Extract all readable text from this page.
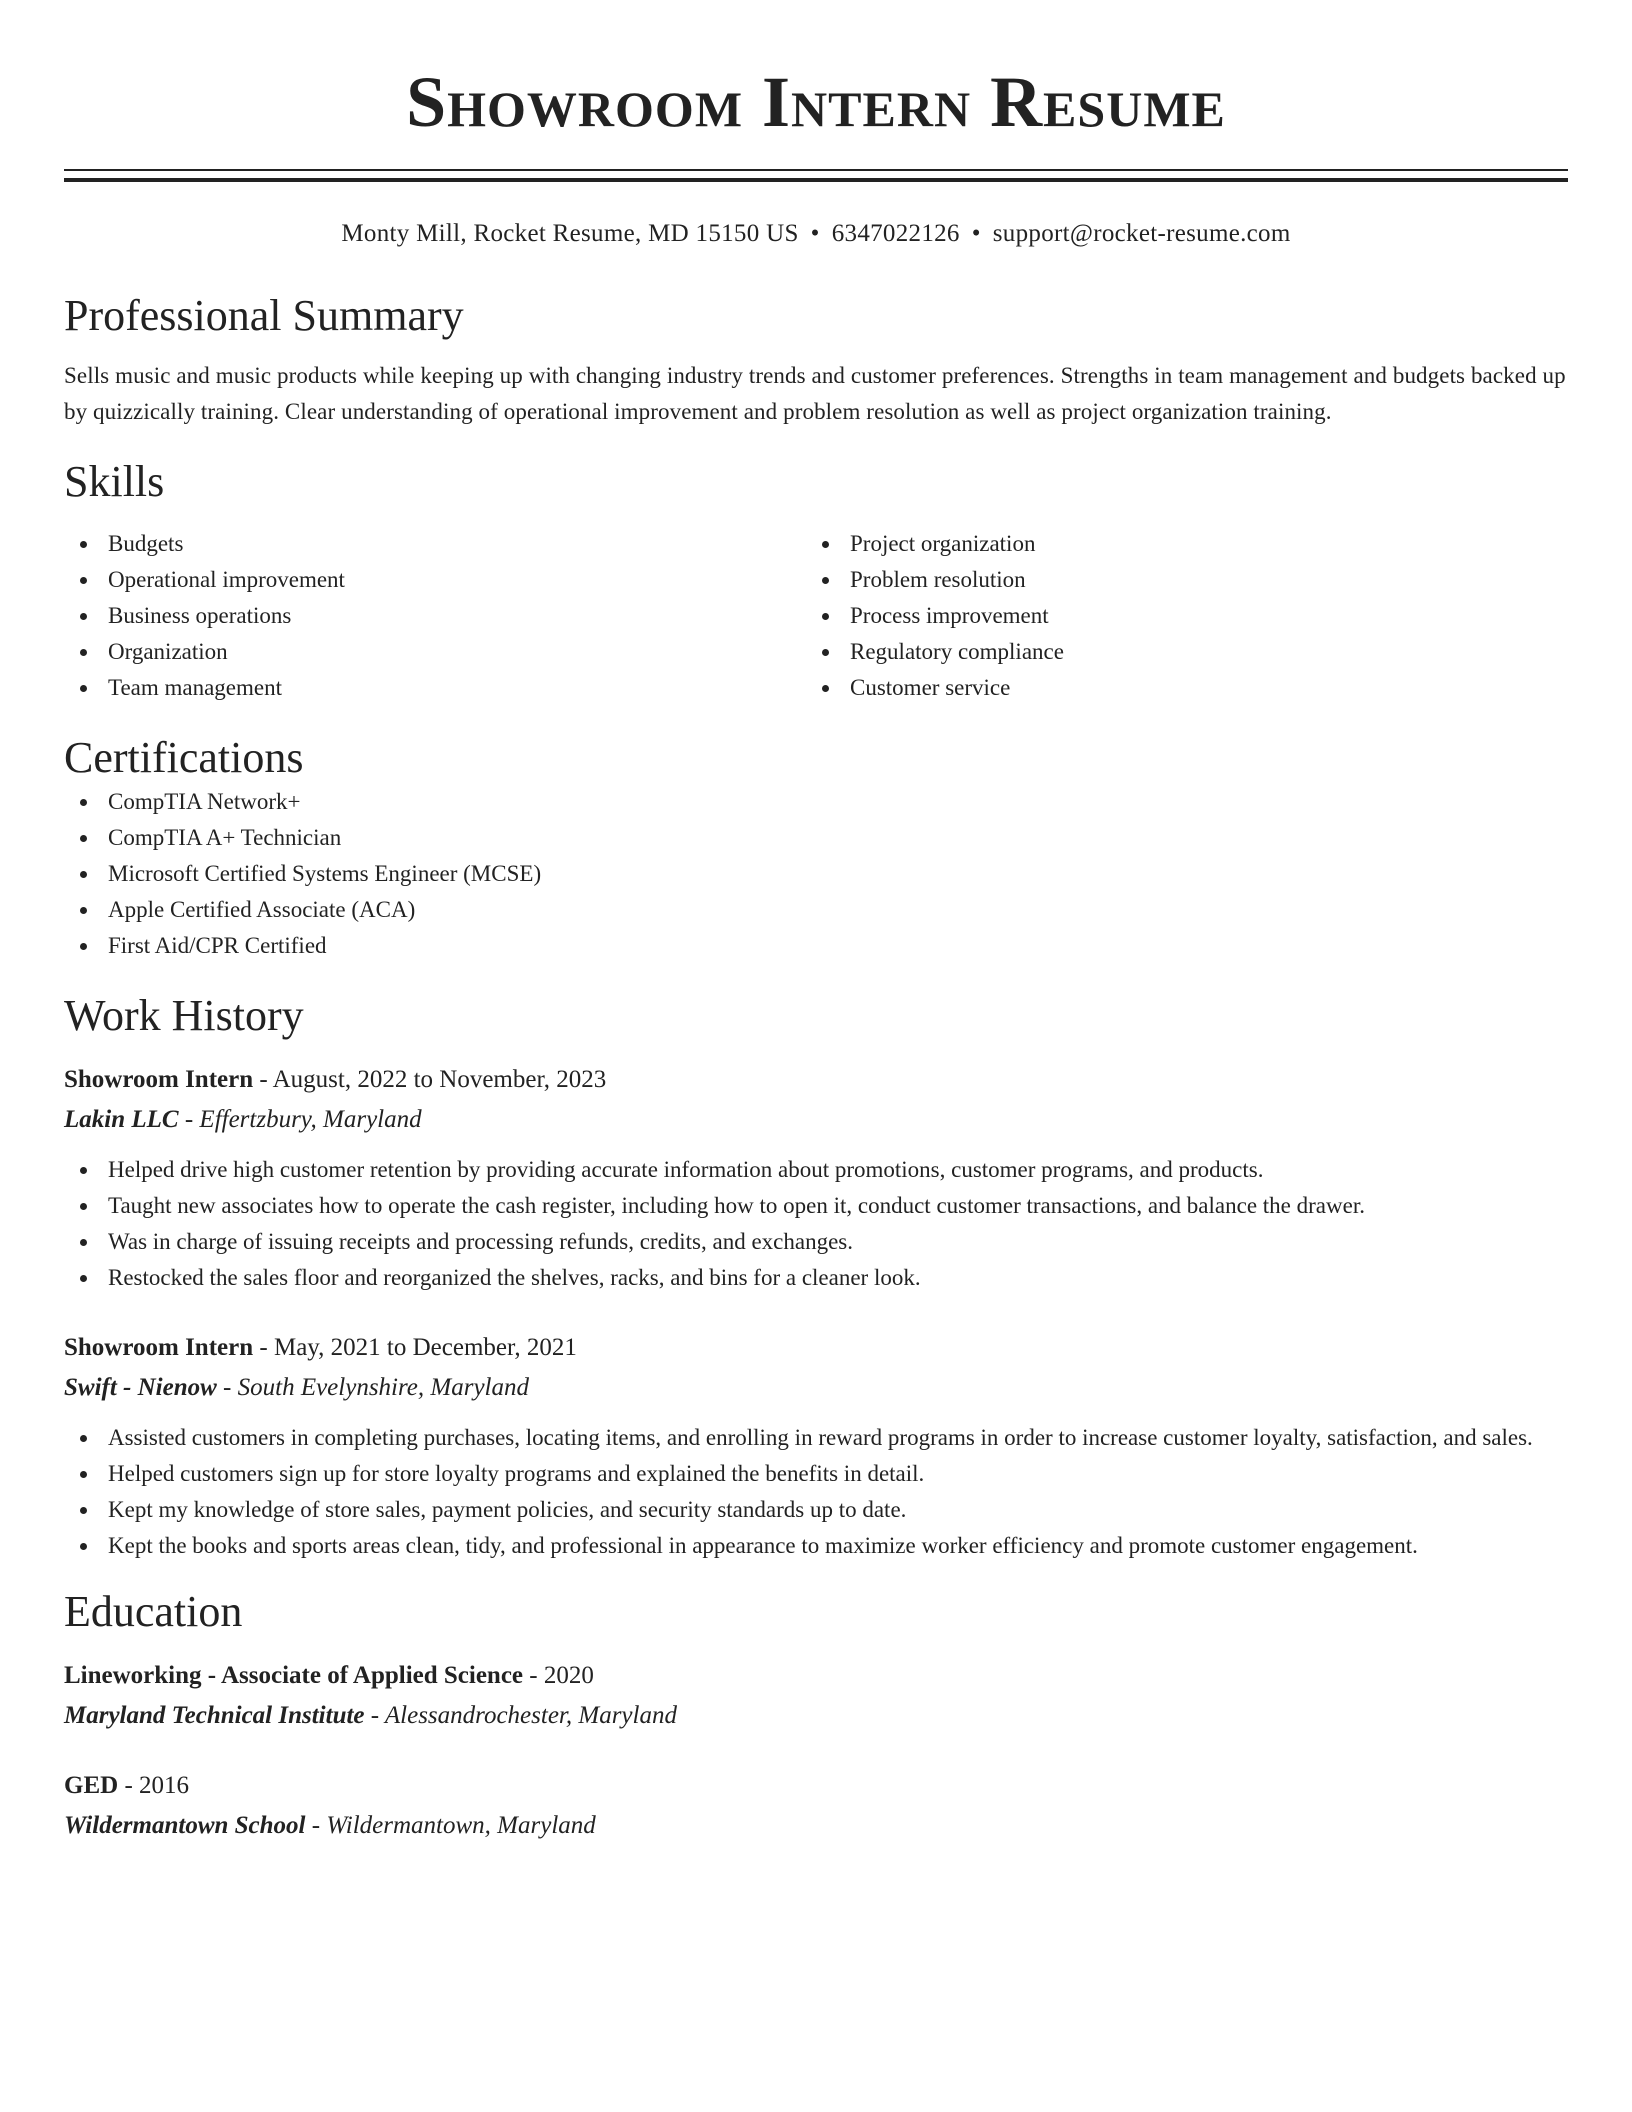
Showroom Intern Resume
Monty Mill, Rocket Resume, MD 15150 US • 6347022126 • support@rocket-resume.com
Professional Summary
Sells music and music products while keeping up with changing industry trends and customer preferences. Strengths in team management and budgets backed up by quizzically training. Clear understanding of operational improvement and problem resolution as well as project organization training.
Skills
Budgets
Operational improvement
Business operations
Organization
Team management
Project organization
Problem resolution
Process improvement
Regulatory compliance
Customer service
Certifications
CompTIA Network+
CompTIA A+ Technician
Microsoft Certified Systems Engineer (MCSE)
Apple Certified Associate (ACA)
First Aid/CPR Certified
Work History
Showroom Intern - August, 2022 to November, 2023
Lakin LLC - Effertzbury, Maryland
Helped drive high customer retention by providing accurate information about promotions, customer programs, and products.
Taught new associates how to operate the cash register, including how to open it, conduct customer transactions, and balance the drawer.
Was in charge of issuing receipts and processing refunds, credits, and exchanges.
Restocked the sales floor and reorganized the shelves, racks, and bins for a cleaner look.
Showroom Intern - May, 2021 to December, 2021
Swift - Nienow - South Evelynshire, Maryland
Assisted customers in completing purchases, locating items, and enrolling in reward programs in order to increase customer loyalty, satisfaction, and sales.
Helped customers sign up for store loyalty programs and explained the benefits in detail.
Kept my knowledge of store sales, payment policies, and security standards up to date.
Kept the books and sports areas clean, tidy, and professional in appearance to maximize worker efficiency and promote customer engagement.
Education
Lineworking - Associate of Applied Science - 2020
Maryland Technical Institute - Alessandrochester, Maryland
GED - 2016
Wildermantown School - Wildermantown, Maryland
